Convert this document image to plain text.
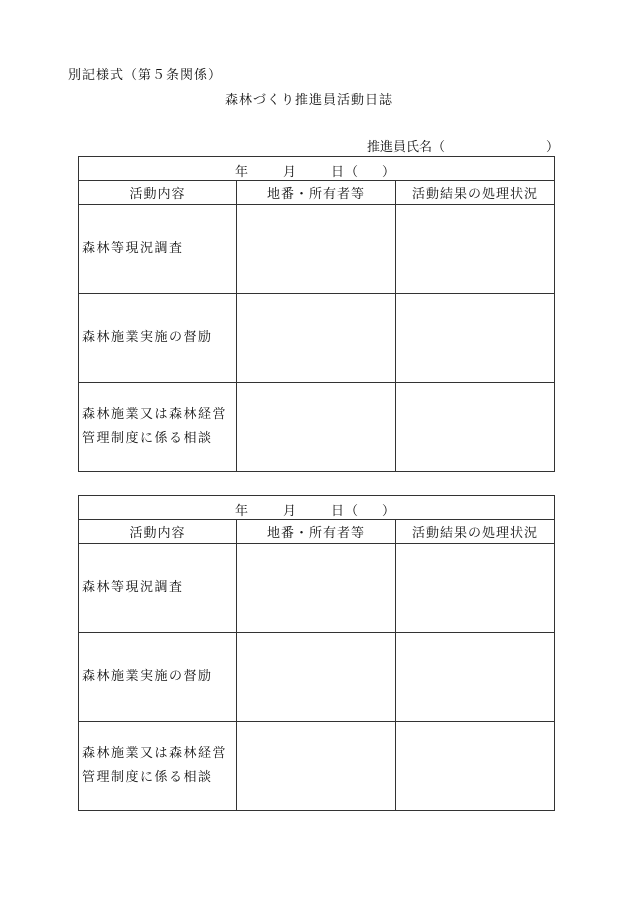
別記様式（第５条関係）
森林づくり推進員活動日誌
推進員氏名（	）
年 月 日（ ）		

活動内容	地番・所有者等	活動結果の処理状況
森林等現況調査		
森林施業実施の督励		
森林施業又は森林経営
管理制度に係る相談		
年 月 日（ ）		

活動内容	地番・所有者等	活動結果の処理状況
森林等現況調査		
森林施業実施の督励		
森林施業又は森林経営
管理制度に係る相談		
